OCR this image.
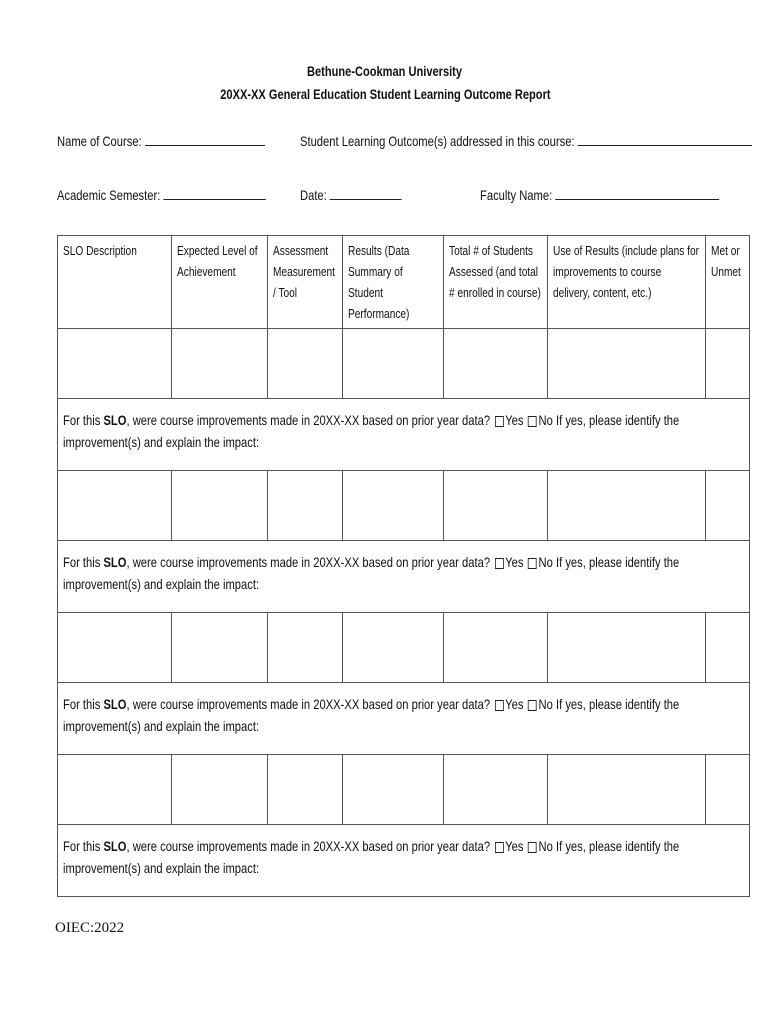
Bethune-Cookman University
20XX-XX General Education Student Learning Outcome Report
Name of Course:	Student Learning Outcome(s) addressed in this course:
Academic Semester:	Date:	Faculty Name:
SLO Description	Expected Level of Achievement	Assessment Measurement / Tool	Results (Data Summary of Student Performance)	Total # of Students Assessed (and total # enrolled in course)	Use of Results (include plans for improvements to course delivery, content, etc.)	Met or Unmet

For this SLO, were course improvements made in 20XX-XX based on prior year data? Yes No If yes, please identify the improvement(s) and explain the impact:						

For this SLO, were course improvements made in 20XX-XX based on prior year data? Yes No If yes, please identify the improvement(s) and explain the impact:						

For this SLO, were course improvements made in 20XX-XX based on prior year data? Yes No If yes, please identify the improvement(s) and explain the impact:						

For this SLO, were course improvements made in 20XX-XX based on prior year data? Yes No If yes, please identify the improvement(s) and explain the impact:						
OIEC:2022
